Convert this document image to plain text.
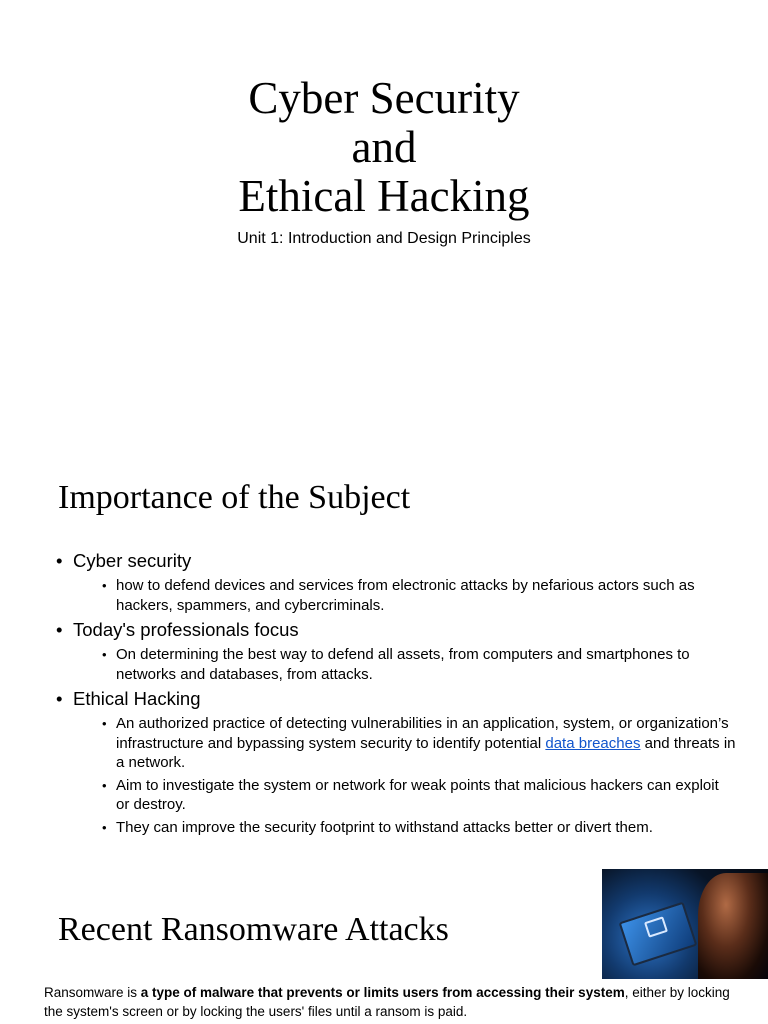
Cyber Security
and
Ethical Hacking
Unit 1: Introduction and Design Principles
Importance of the Subject
• Cyber security
• how to defend devices and services from electronic attacks by nefarious actors such as hackers, spammers, and cybercriminals.
• Today's professionals focus
• On determining the best way to defend all assets, from computers and smartphones to networks and databases, from attacks.
• Ethical Hacking
• An authorized practice of detecting vulnerabilities in an application, system, or organization’s infrastructure and bypassing system security to identify potential data breaches and threats in a network.
• Aim to investigate the system or network for weak points that malicious hackers can exploit or destroy.
• They can improve the security footprint to withstand attacks better or divert them.
Recent Ransomware Attacks
Ransomware is a type of malware that prevents or limits users from accessing their system, either by locking the system's screen or by locking the users' files until a ransom is paid.
